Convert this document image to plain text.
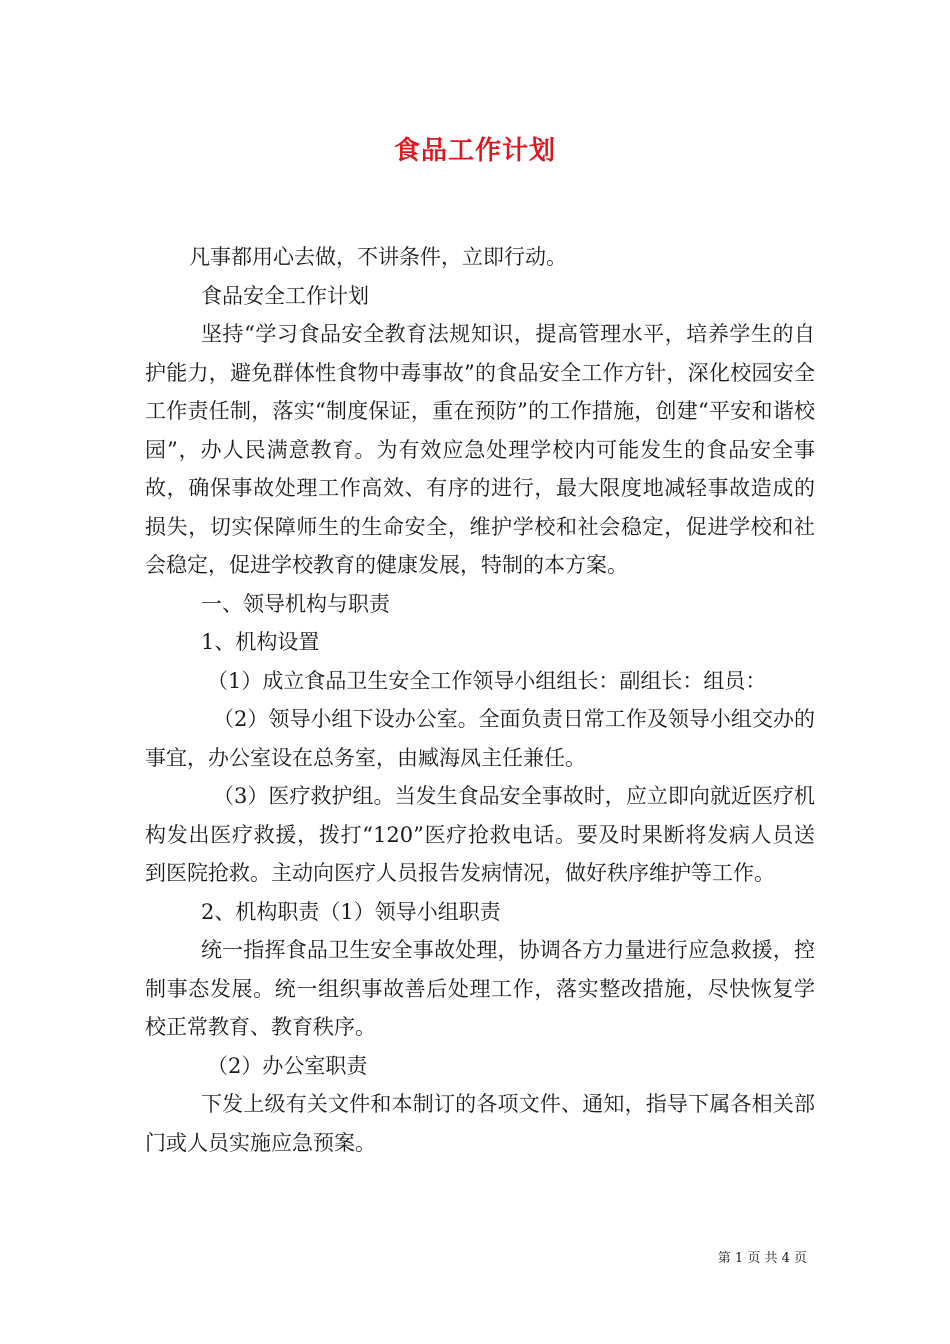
食品工作计划

凡事都用心去做，不讲条件，立即行动。

食品安全工作计划

坚持“学习食品安全教育法规知识，提高管理水平，培养学生的自护能力，避免群体性食物中毒事故”的食品安全工作方针，深化校园安全工作责任制，落实“制度保证，重在预防”的工作措施，创建“平安和谐校园”，办人民满意教育。为有效应急处理学校内可能发生的食品安全事故，确保事故处理工作高效、有序的进行，最大限度地减轻事故造成的损失，切实保障师生的生命安全，维护学校和社会稳定，促进学校和社会稳定，促进学校教育的健康发展，特制的本方案。

一、领导机构与职责

1、机构设置

（1）成立食品卫生安全工作领导小组组长：副组长：组员：

（2）领导小组下设办公室。全面负责日常工作及领导小组交办的事宜，办公室设在总务室，由臧海凤主任兼任。

（3）医疗救护组。当发生食品安全事故时，应立即向就近医疗机构发出医疗救援，拨打“120”医疗抢救电话。要及时果断将发病人员送到医院抢救。主动向医疗人员报告发病情况，做好秩序维护等工作。

2、机构职责（1）领导小组职责

统一指挥食品卫生安全事故处理，协调各方力量进行应急救援，控制事态发展。统一组织事故善后处理工作，落实整改措施，尽快恢复学校正常教育、教育秩序。

（2）办公室职责

下发上级有关文件和本制订的各项文件、通知，指导下属各相关部门或人员实施应急预案。

第 1 页 共 4 页
